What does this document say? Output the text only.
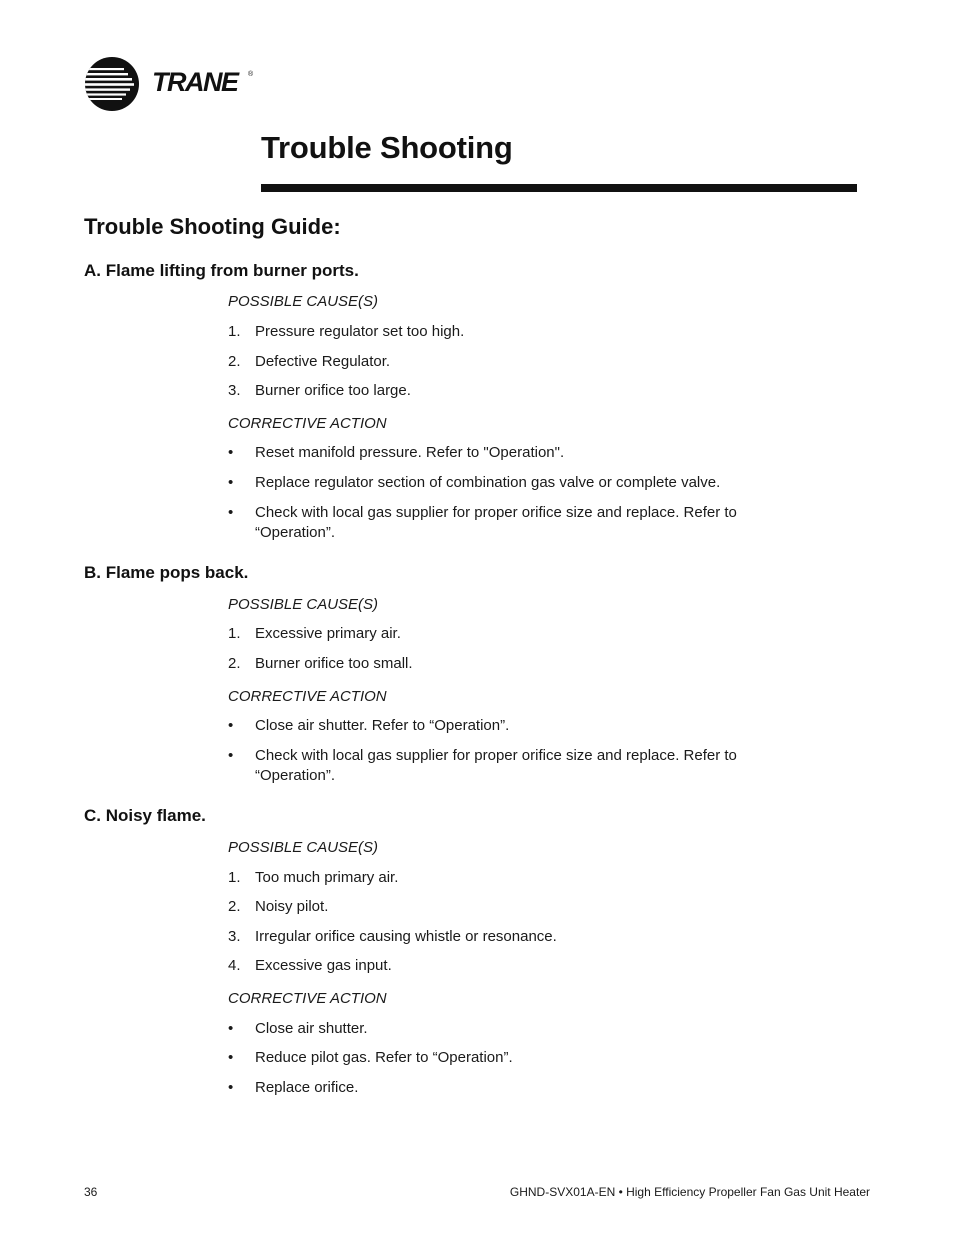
TRANE	®
Trouble Shooting
Trouble Shooting Guide:
A. Flame lifting from burner ports.
POSSIBLE CAUSE(S)
1. Pressure regulator set too high.
2. Defective Regulator.
3. Burner orifice too large.
CORRECTIVE ACTION
• Reset manifold pressure. Refer to "Operation".
• Replace regulator section of combination gas valve or complete valve.
• Check with local gas supplier for proper orifice size and replace. Refer to “Operation”.
B. Flame pops back.
POSSIBLE CAUSE(S)
1. Excessive primary air.
2. Burner orifice too small.
CORRECTIVE ACTION
• Close air shutter. Refer to “Operation”.
• Check with local gas supplier for proper orifice size and replace. Refer to “Operation”.
C. Noisy flame.
POSSIBLE CAUSE(S)
1. Too much primary air.
2. Noisy pilot.
3. Irregular orifice causing whistle or resonance.
4. Excessive gas input.
CORRECTIVE ACTION
• Close air shutter.
• Reduce pilot gas. Refer to “Operation”.
• Replace orifice.
36	GHND-SVX01A-EN • High Efficiency Propeller Fan Gas Unit Heater
